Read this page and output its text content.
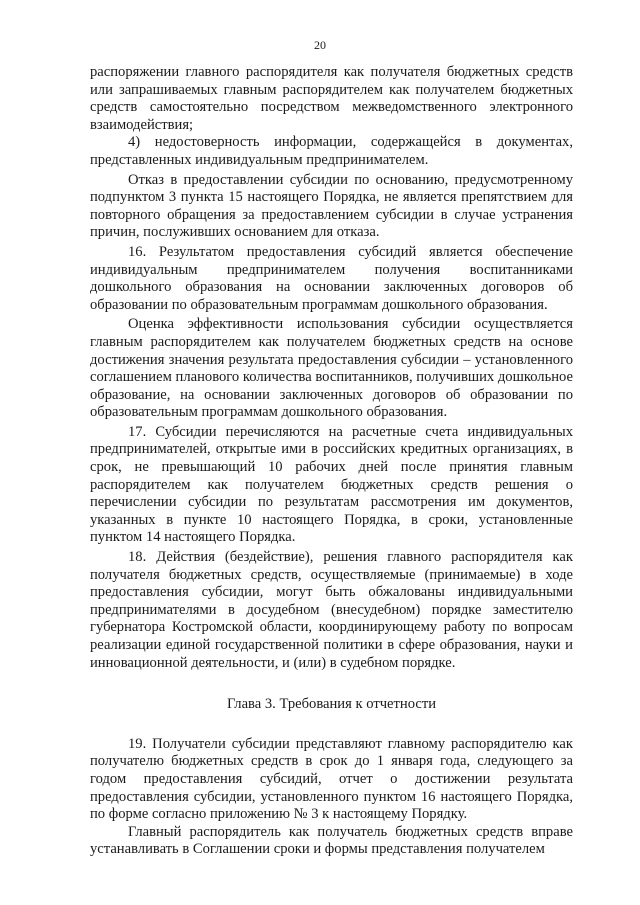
20

распоряжении главного распорядителя как получателя бюджетных средств или запрашиваемых главным распорядителем как получателем бюджетных средств самостоятельно посредством межведомственного электронного взаимодействия;

4) недостоверность информации, содержащейся в документах, представленных индивидуальным предпринимателем.

Отказ в предоставлении субсидии по основанию, предусмотренному подпунктом 3 пункта 15 настоящего Порядка, не является препятствием для повторного обращения за предоставлением субсидии в случае устранения причин, послуживших основанием для отказа.

16. Результатом предоставления субсидий является обеспечение индивидуальным предпринимателем получения воспитанниками дошкольного образования на основании заключенных договоров об образовании по образовательным программам дошкольного образования.

Оценка эффективности использования субсидии осуществляется главным распорядителем как получателем бюджетных средств на основе достижения значения результата предоставления субсидии – установленного соглашением планового количества воспитанников, получивших дошкольное образование, на основании заключенных договоров об образовании по образовательным программам дошкольного образования.

17. Субсидии перечисляются на расчетные счета индивидуальных предпринимателей, открытые ими в российских кредитных организациях, в срок, не превышающий 10 рабочих дней после принятия главным распорядителем как получателем бюджетных средств решения о перечислении субсидии по результатам рассмотрения им документов, указанных в пункте 10 настоящего Порядка, в сроки, установленные пунктом 14 настоящего Порядка.

18. Действия (бездействие), решения главного распорядителя как получателя бюджетных средств, осуществляемые (принимаемые) в ходе предоставления субсидии, могут быть обжалованы индивидуальными предпринимателями в досудебном (внесудебном) порядке заместителю губернатора Костромской области, координирующему работу по вопросам реализации единой государственной политики в сфере образования, науки и инновационной деятельности, и (или) в судебном порядке.

Глава 3. Требования к отчетности

19. Получатели субсидии представляют главному распорядителю как получателю бюджетных средств в срок до 1 января года, следующего за годом предоставления субсидий, отчет о достижении результата предоставления субсидии, установленного пунктом 16 настоящего Порядка, по форме согласно приложению № 3 к настоящему Порядку.

Главный распорядитель как получатель бюджетных средств вправе устанавливать в Соглашении сроки и формы представления получателем
